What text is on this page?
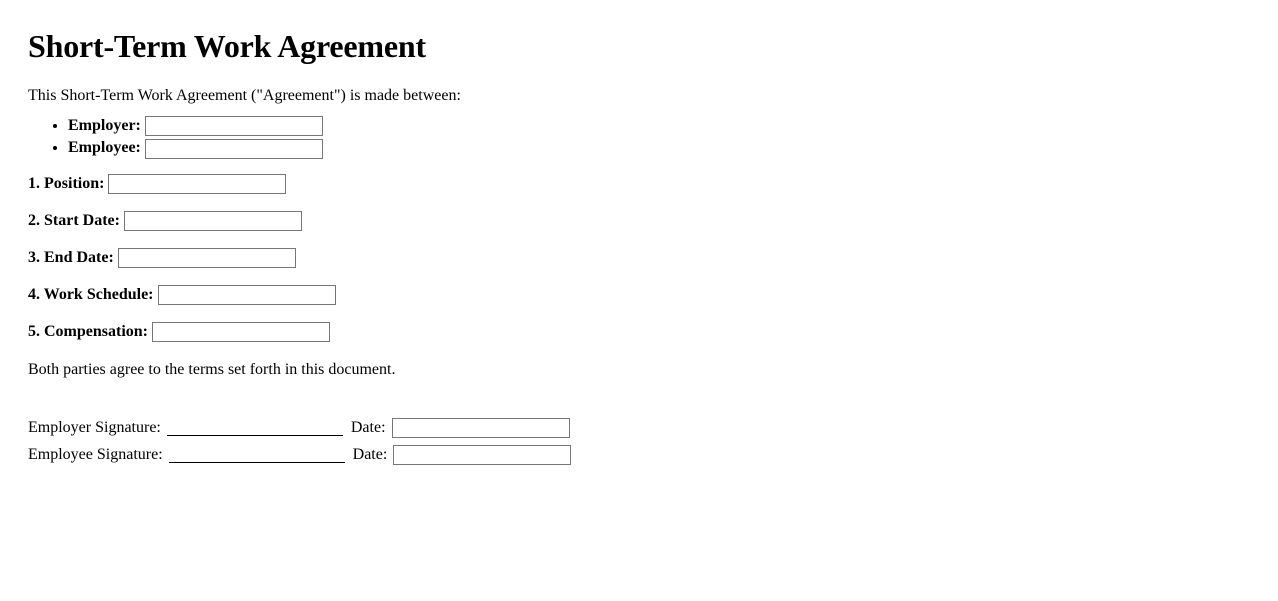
Short-Term Work Agreement

This Short-Term Work Agreement ("Agreement") is made between:

• Employer:
• Employee:
1. Position:
2. Start Date:
3. End Date:
4. Work Schedule:
5. Compensation:

Both parties agree to the terms set forth in this document.

Employer Signature:	Date:
Employee Signature:	Date:
